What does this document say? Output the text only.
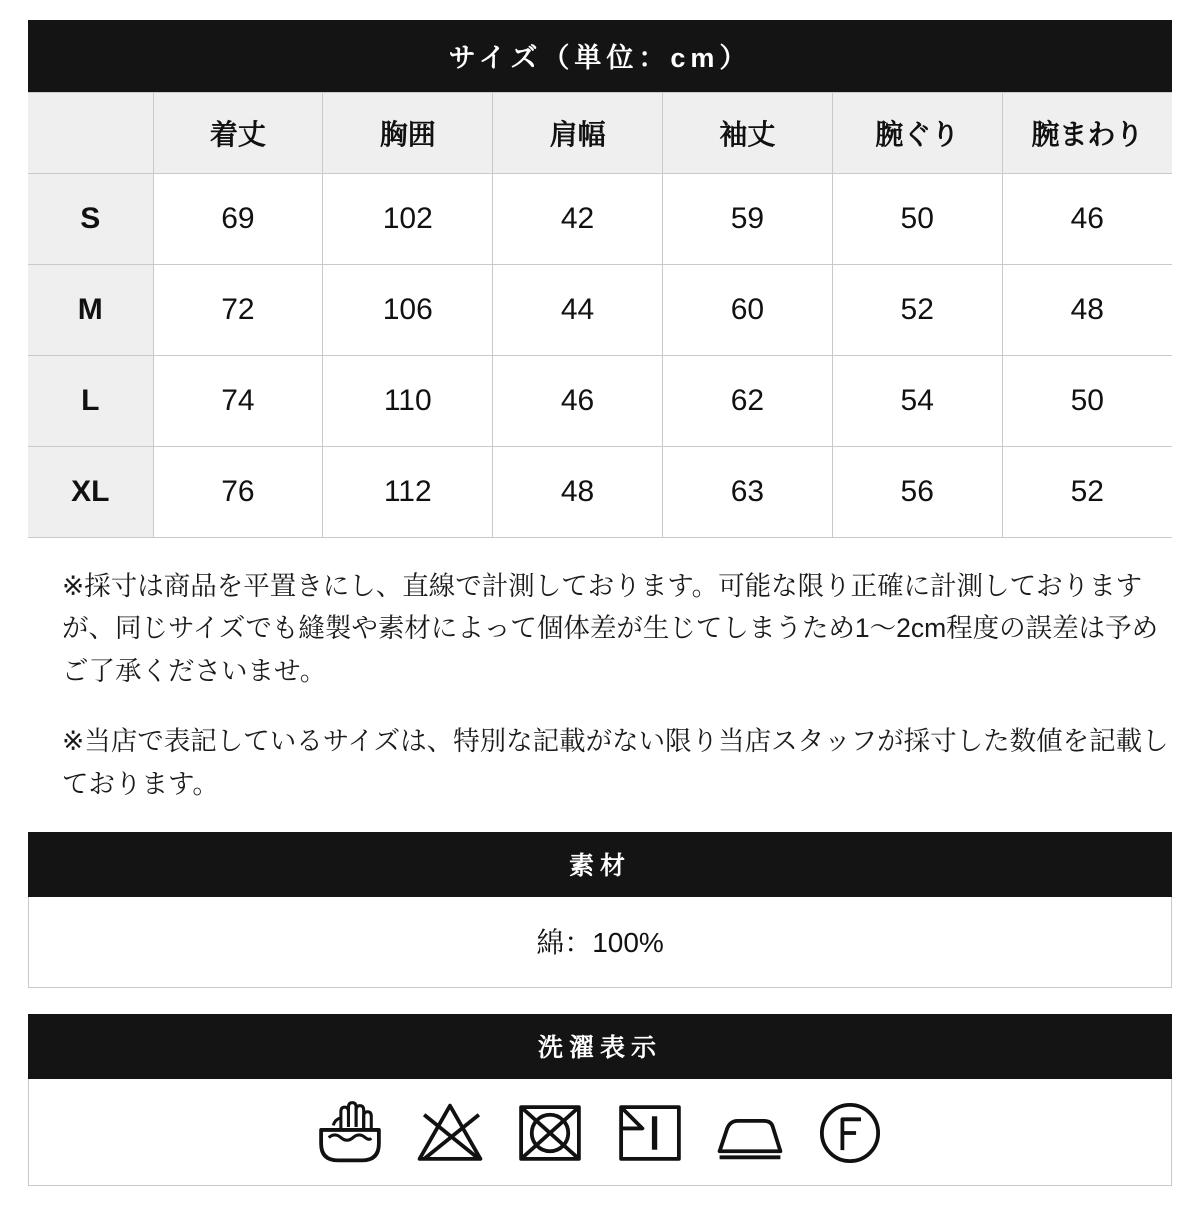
サイズ（単位：cm）
	着丈	胸囲	肩幅	袖丈	腕ぐり	腕まわり
S	69	102	42	59	50	46
M	72	106	44	60	52	48
L	74	110	46	62	54	50
XL	76	112	48	63	56	52

※採寸は商品を平置きにし、直線で計測しております。可能な限り正確に計測しておりますが、同じサイズでも縫製や素材によって個体差が生じてしまうため1〜2cm程度の誤差は予めご了承くださいませ。

※当店で表記しているサイズは、特別な記載がない限り当店スタッフが採寸した数値を記載しております。

素材
綿：100%
洗濯表示
